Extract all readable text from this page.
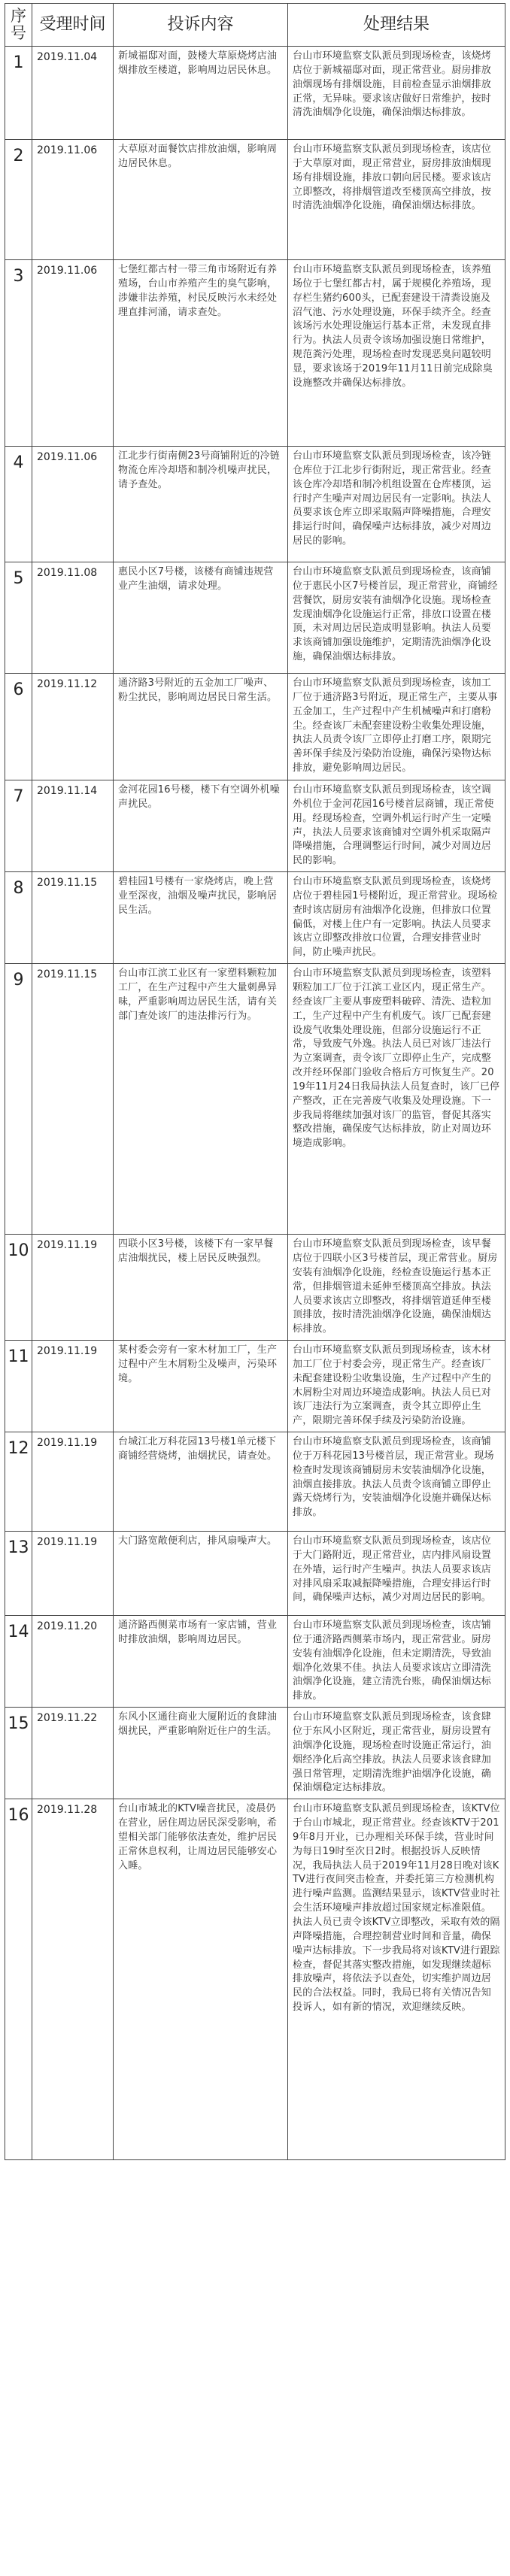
序号	受理时间	投诉内容	处理结果
1	2019.11.04	新城福邸对面，鼓楼大草原烧烤店油烟排放至楼道，影响周边居民休息。	台山市环境监察支队派员到现场检查，该烧烤店位于新城福邸对面，现正常营业。厨房排放油烟现场有排烟设施，目前检查显示油烟排放正常，无异味。要求该店做好日常维护，按时清洗油烟净化设施，确保油烟达标排放。
2	2019.11.06	大草原对面餐饮店排放油烟，影响周边居民休息。	台山市环境监察支队派员到现场检查，该店位于大草原对面，现正常营业，厨房排放油烟现场有排烟设施，排放口朝向居民楼。要求该店立即整改，将排烟管道改至楼顶高空排放，按时清洗油烟净化设施，确保油烟达标排放。
3	2019.11.06	七堡红都古村一带三角市场附近有养殖场，台山市养殖产生的臭气影响，涉嫌非法养殖，村民反映污水未经处理直排河涌，请求查处。	台山市环境监察支队派员到现场检查，该养殖场位于七堡红都古村，属于规模化养殖场，现存栏生猪约600头，已配套建设干清粪设施及沼气池、污水处理设施，环保手续齐全。经查该场污水处理设施运行基本正常，未发现直排行为。执法人员责令该场加强设施日常维护，规范粪污处理，现场检查时发现恶臭问题较明显，要求该场于2019年11月11日前完成除臭设施整改并确保达标排放。
4	2019.11.06	江北步行街南侧23号商铺附近的冷链物流仓库冷却塔和制冷机噪声扰民，请予查处。	台山市环境监察支队派员到现场检查，该冷链仓库位于江北步行街附近，现正常营业。经查该仓库冷却塔和制冷机组设置在仓库楼顶，运行时产生噪声对周边居民有一定影响。执法人员要求该仓库立即采取隔声降噪措施，合理安排运行时间，确保噪声达标排放，减少对周边居民的影响。
5	2019.11.08	惠民小区7号楼，该楼有商铺违规营业产生油烟，请求处理。	台山市环境监察支队派员到现场检查，该商铺位于惠民小区7号楼首层，现正常营业，商铺经营餐饮，厨房安装有油烟净化设施。现场检查发现油烟净化设施运行正常，排放口设置在楼顶，未对周边居民造成明显影响。执法人员要求该商铺加强设施维护，定期清洗油烟净化设施，确保油烟达标排放。
6	2019.11.12	通济路3号附近的五金加工厂噪声、粉尘扰民，影响周边居民日常生活。	台山市环境监察支队派员到现场检查，该加工厂位于通济路3号附近，现正常生产，主要从事五金加工，生产过程中产生机械噪声和打磨粉尘。经查该厂未配套建设粉尘收集处理设施，执法人员责令该厂立即停止打磨工序，限期完善环保手续及污染防治设施，确保污染物达标排放，避免影响周边居民。
7	2019.11.14	金河花园16号楼，楼下有空调外机噪声扰民。	台山市环境监察支队派员到现场检查，该空调外机位于金河花园16号楼首层商铺，现正常使用。经现场检查，空调外机运行时产生一定噪声，执法人员要求该商铺对空调外机采取隔声降噪措施，合理调整运行时间，减少对周边居民的影响。
8	2019.11.15	碧桂园1号楼有一家烧烤店，晚上营业至深夜，油烟及噪声扰民，影响居民生活。	台山市环境监察支队派员到现场检查，该烧烤店位于碧桂园1号楼附近，现正常营业。现场检查时该店厨房有油烟净化设施，但排放口位置偏低，对楼上住户有一定影响。执法人员要求该店立即整改排放口位置，合理安排营业时间，防止噪声扰民。
9	2019.11.15	台山市江滨工业区有一家塑料颗粒加工厂，在生产过程中产生大量刺鼻异味，严重影响周边居民生活，请有关部门查处该厂的违法排污行为。	台山市环境监察支队派员到现场检查，该塑料颗粒加工厂位于江滨工业区内，现正常生产。经查该厂主要从事废塑料破碎、清洗、造粒加工，生产过程中产生有机废气。该厂已配套建设废气收集处理设施，但部分设施运行不正常，导致废气外逸。执法人员已对该厂违法行为立案调查，责令该厂立即停止生产，完成整改并经环保部门验收合格后方可恢复生产。2019年11月24日我局执法人员复查时，该厂已停产整改，正在完善废气收集及处理设施。下一步我局将继续加强对该厂的监管，督促其落实整改措施，确保废气达标排放，防止对周边环境造成影响。
10	2019.11.19	四联小区3号楼，该楼下有一家早餐店油烟扰民，楼上居民反映强烈。	台山市环境监察支队派员到现场检查，该早餐店位于四联小区3号楼首层，现正常营业。厨房安装有油烟净化设施，经检查设施运行基本正常，但排烟管道未延伸至楼顶高空排放。执法人员要求该店立即整改，将排烟管道延伸至楼顶排放，按时清洗油烟净化设施，确保油烟达标排放。
11	2019.11.19	某村委会旁有一家木材加工厂，生产过程中产生木屑粉尘及噪声，污染环境。	台山市环境监察支队派员到现场检查，该木材加工厂位于村委会旁，现正常生产。经查该厂未配套建设粉尘收集设施，生产过程中产生的木屑粉尘对周边环境造成影响。执法人员已对该厂违法行为立案调查，责令其立即停止生产，限期完善环保手续及污染防治设施。
12	2019.11.19	台城江北万科花园13号楼1单元楼下商铺经营烧烤，油烟扰民，请查处。	台山市环境监察支队派员到现场检查，该商铺位于万科花园13号楼首层，现正常营业。现场检查时发现该商铺厨房未安装油烟净化设施，油烟直接排放。执法人员责令该商铺立即停止露天烧烤行为，安装油烟净化设施并确保达标排放。
13	2019.11.19	大门路宽敞便利店，排风扇噪声大。	台山市环境监察支队派员到现场检查，该店位于大门路附近，现正常营业，店内排风扇设置在外墙，运行时产生噪声。执法人员要求该店对排风扇采取减振降噪措施，合理安排运行时间，确保噪声达标，减少对周边居民的影响。
14	2019.11.20	通济路西侧菜市场有一家店铺，营业时排放油烟，影响周边居民。	台山市环境监察支队派员到现场检查，该店铺位于通济路西侧菜市场内，现正常营业。厨房安装有油烟净化设施，但未定期清洗，导致油烟净化效果不佳。执法人员要求该店立即清洗油烟净化设施，建立清洗台账，确保油烟达标排放。
15	2019.11.22	东风小区通往商业大厦附近的食肆油烟扰民，严重影响附近住户的生活。	台山市环境监察支队派员到现场检查，该食肆位于东风小区附近，现正常营业，厨房设置有油烟净化设施，现场检查时设施正常运行，油烟经净化后高空排放。执法人员要求该食肆加强日常管理，定期清洗维护油烟净化设施，确保油烟稳定达标排放。
16	2019.11.28	台山市城北的KTV噪音扰民，凌晨仍在营业，居住周边居民深受影响，希望相关部门能够依法查处，维护居民正常休息权利，让周边居民能够安心入睡。	台山市环境监察支队派员到现场检查，该KTV位于台山市城北，现正常营业。经查该KTV于2019年8月开业，已办理相关环保手续，营业时间为每日19时至次日2时。根据投诉人反映情况，我局执法人员于2019年11月28日晚对该KTV进行夜间突击检查，并委托第三方检测机构进行噪声监测。监测结果显示，该KTV营业时社会生活环境噪声排放超过国家规定标准限值。执法人员已责令该KTV立即整改，采取有效的隔声降噪措施，合理控制营业时间和音量，确保噪声达标排放。下一步我局将对该KTV进行跟踪检查，督促其落实整改措施，如发现继续超标排放噪声，将依法予以查处，切实维护周边居民的合法权益。同时，我局已将有关情况告知投诉人，如有新的情况，欢迎继续反映。
